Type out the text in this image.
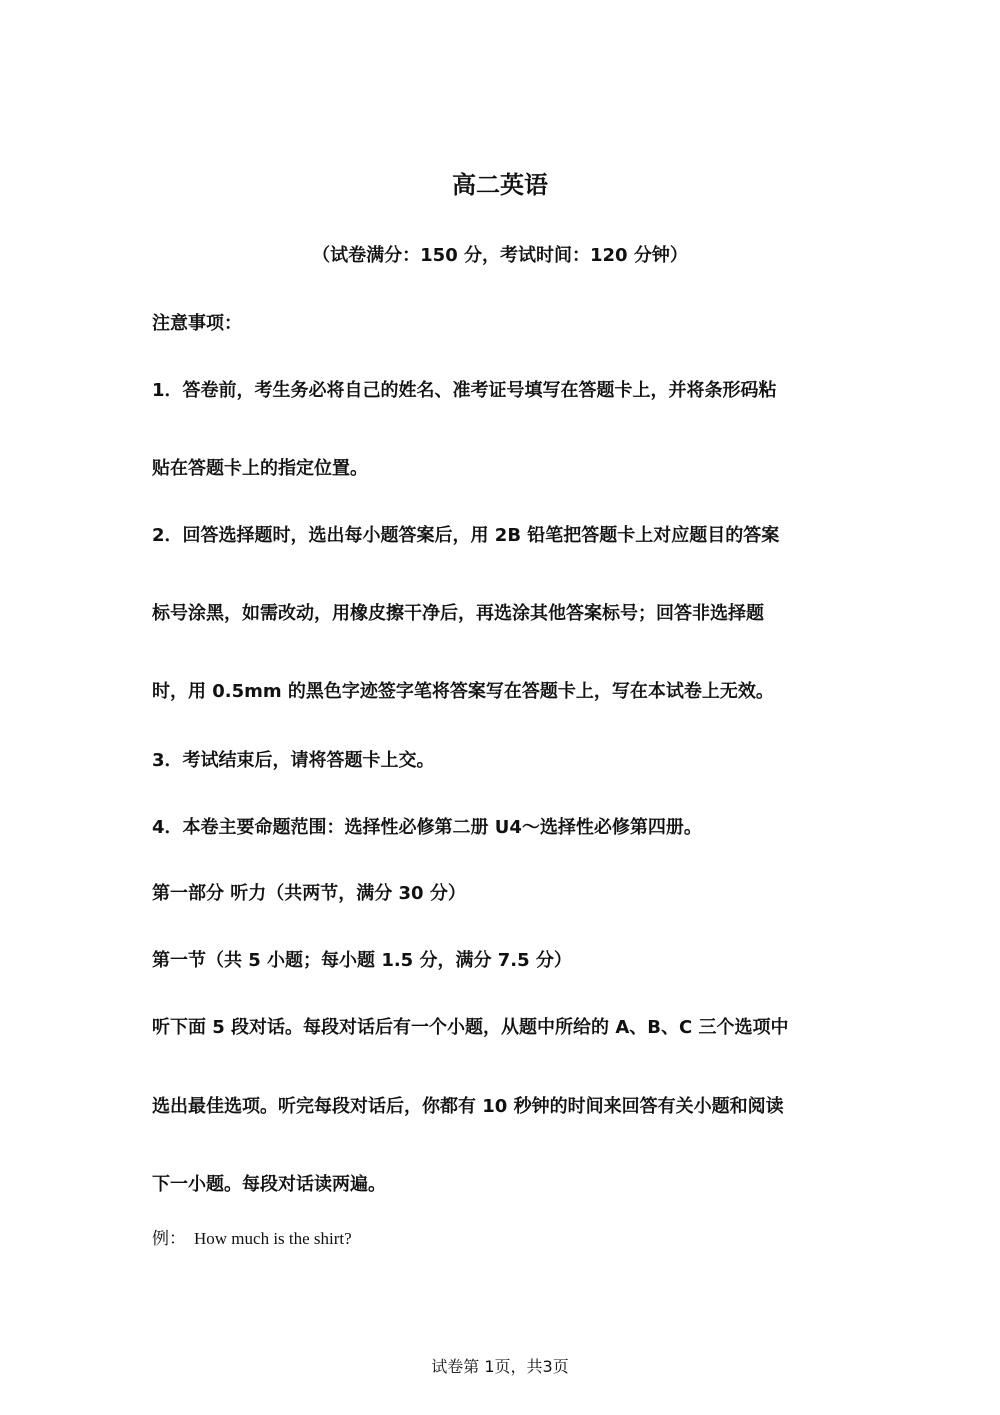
高二英语

（试卷满分：150 分，考试时间：120 分钟）

注意事项：

1．答卷前，考生务必将自己的姓名、准考证号填写在答题卡上，并将条形码粘

贴在答题卡上的指定位置。

2．回答选择题时，选出每小题答案后，用 2B 铅笔把答题卡上对应题目的答案

标号涂黑，如需改动，用橡皮擦干净后，再选涂其他答案标号；回答非选择题

时，用 0.5mm 的黑色字迹签字笔将答案写在答题卡上，写在本试卷上无效。

3．考试结束后，请将答题卡上交。

4．本卷主要命题范围：选择性必修第二册 U4～选择性必修第四册。

第一部分 听力（共两节，满分 30 分）

第一节（共 5 小题；每小题 1.5 分，满分 7.5 分）

听下面 5 段对话。每段对话后有一个小题，从题中所给的 A、B、C 三个选项中

选出最佳选项。听完每段对话后，你都有 10 秒钟的时间来回答有关小题和阅读

下一小题。每段对话读两遍。

例： How much is the shirt?
试卷第 1页，共3页
